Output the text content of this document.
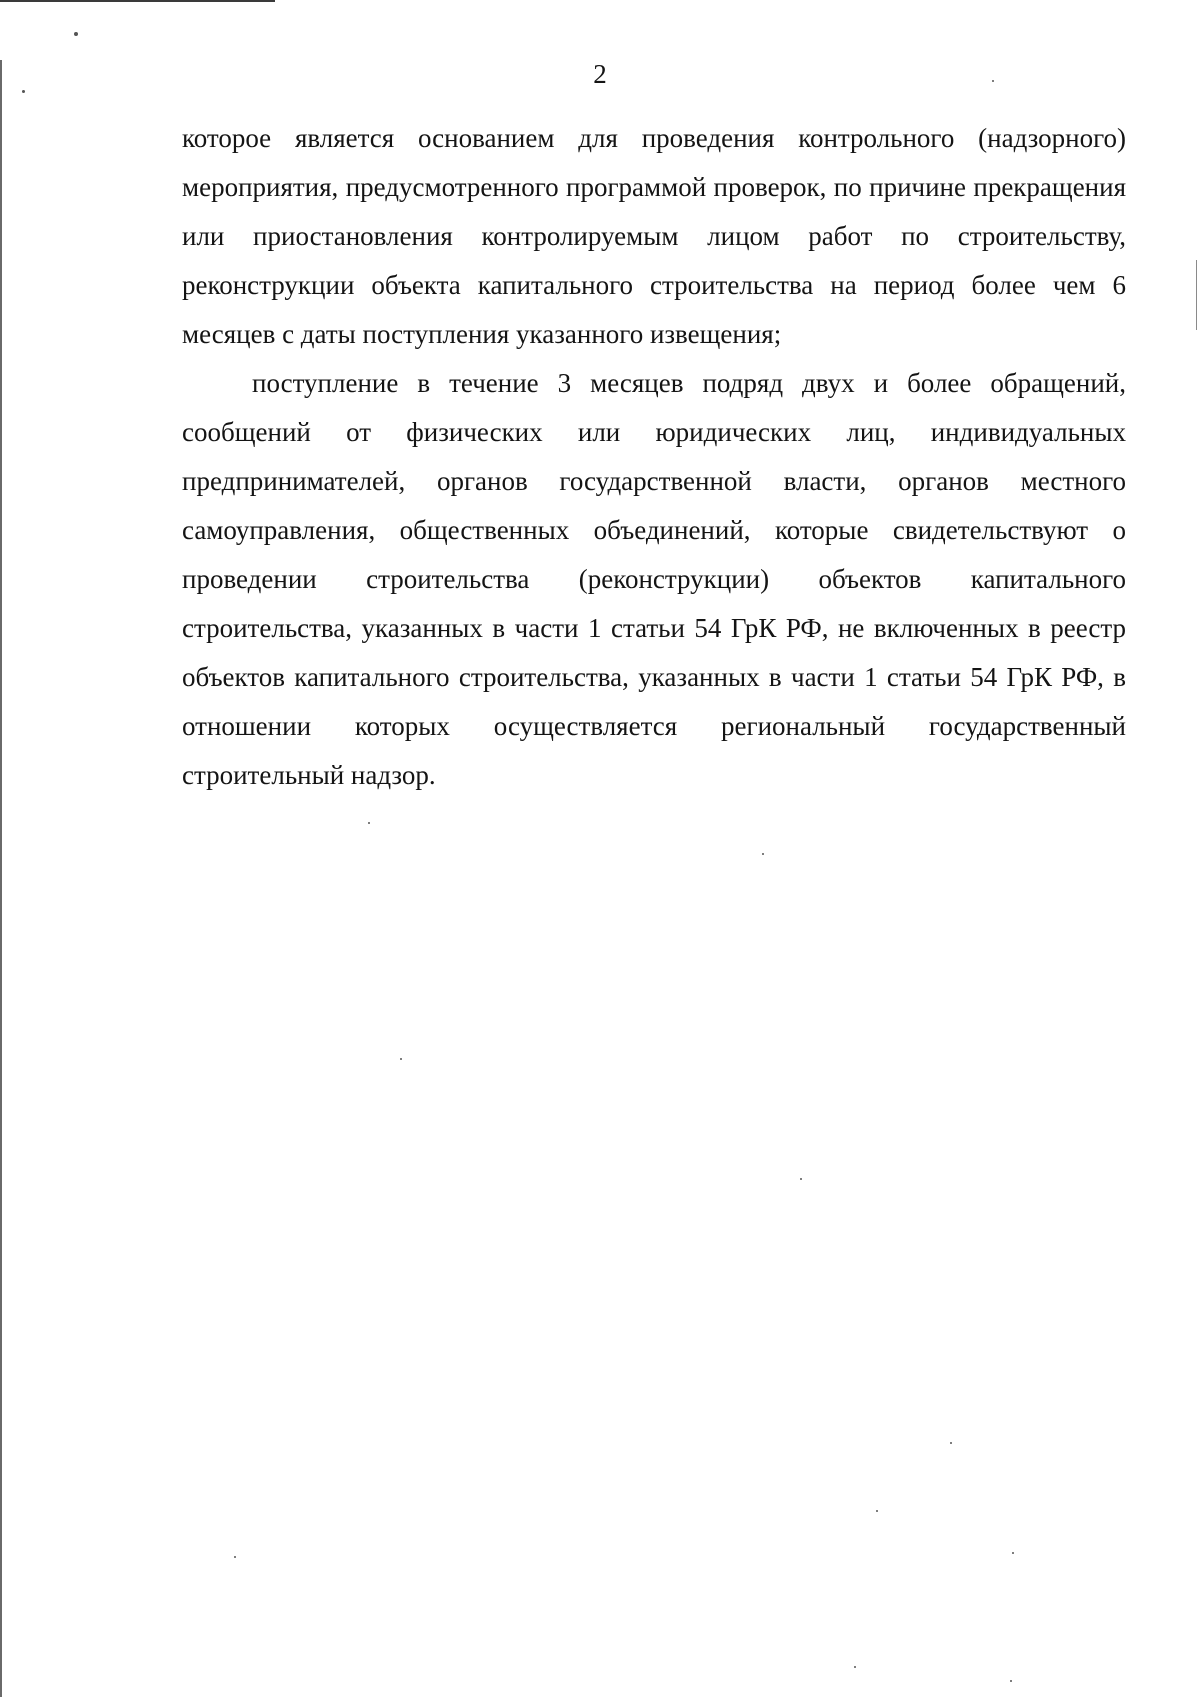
2

которое является основанием для проведения контрольного (надзорного) мероприятия, предусмотренного программой проверок, по причине прекращения или приостановления контролируемым лицом работ по строительству, реконструкции объекта капитального строительства на период более чем 6 месяцев с даты поступления указанного извещения;

поступление в течение 3 месяцев подряд двух и более обращений, сообщений от физических или юридических лиц, индивидуальных предпринимателей, органов государственной власти, органов местного самоуправления, общественных объединений, которые свидетельствуют о проведении строительства (реконструкции) объектов капитального строительства, указанных в части 1 статьи 54 ГрК РФ, не включенных в реестр объектов капитального строительства, указанных в части 1 статьи 54 ГрК РФ, в отношении которых осуществляется региональный государственный строительный надзор.
